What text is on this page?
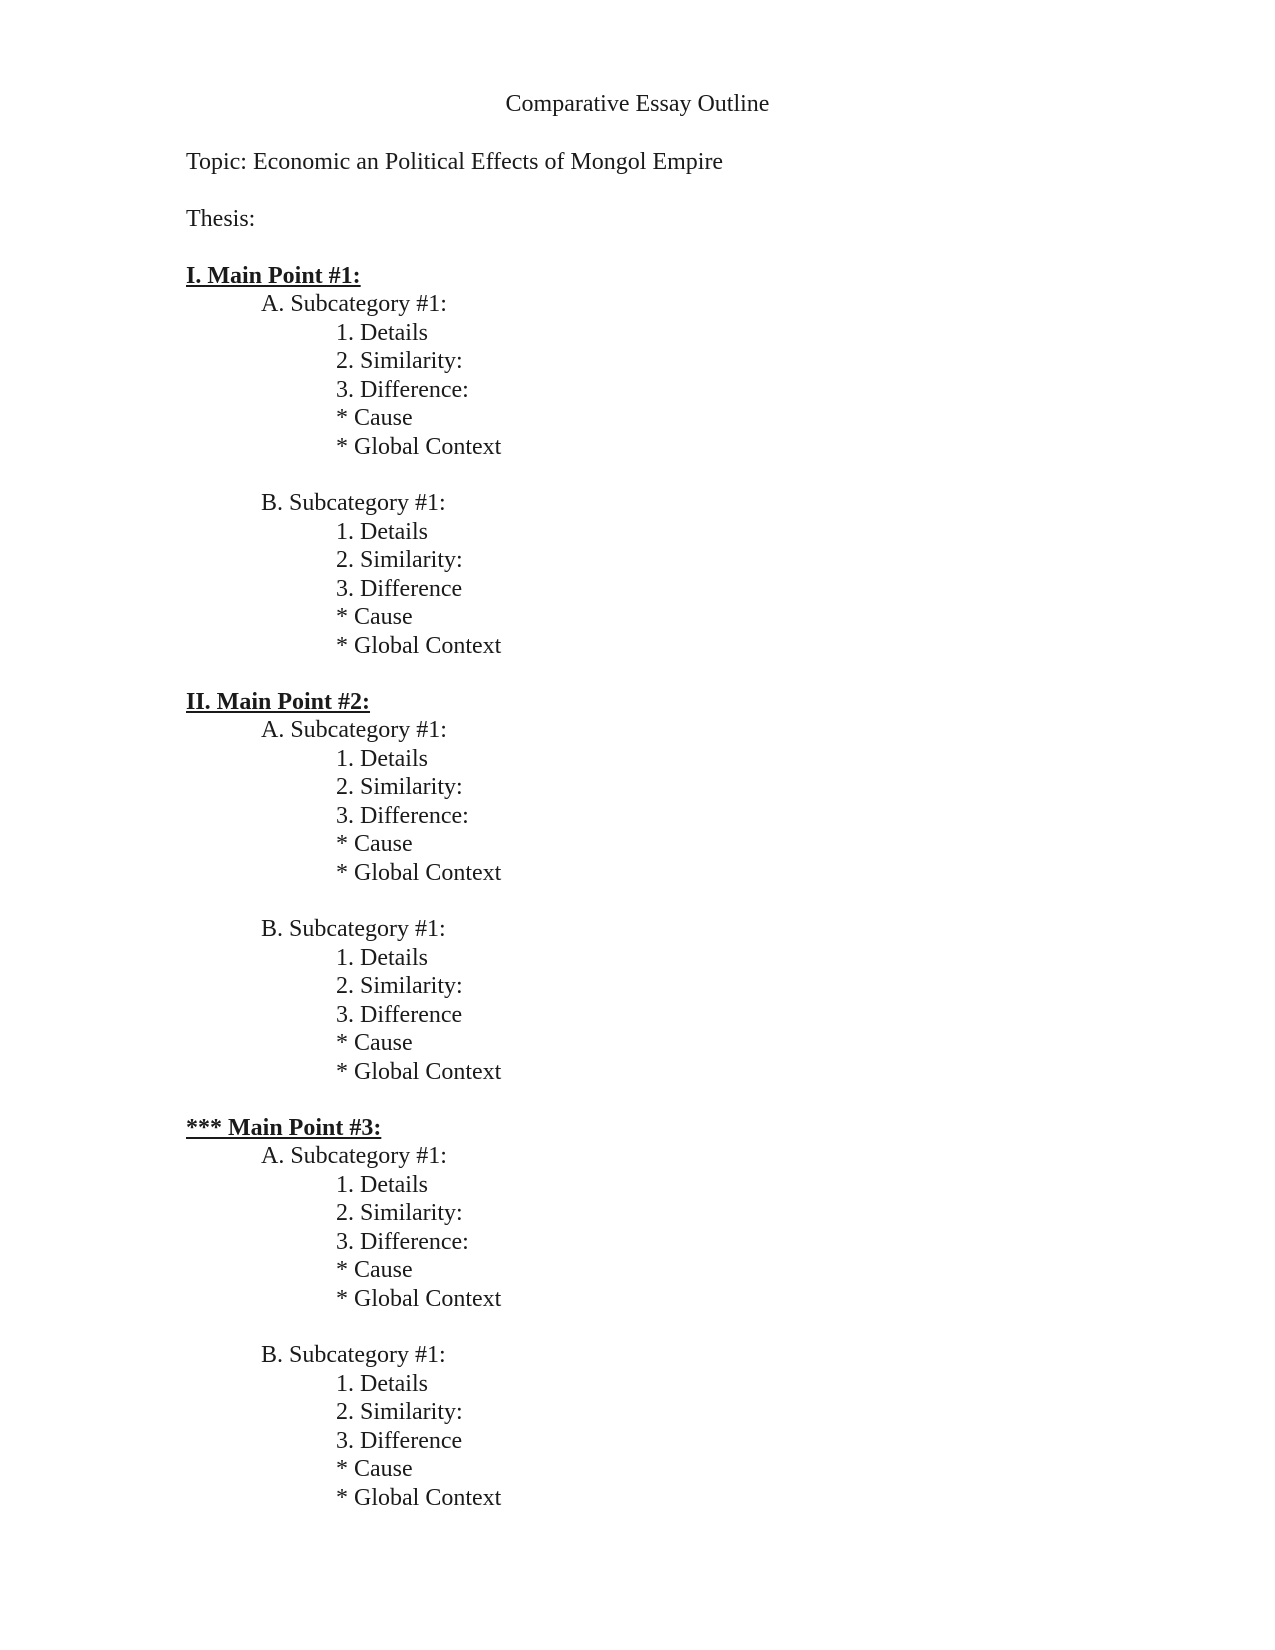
Comparative Essay Outline
Topic: Economic an Political Effects of Mongol Empire
Thesis:
I. Main Point #1:
A. Subcategory #1:
1. Details
2. Similarity:
3. Difference:
* Cause
* Global Context
B. Subcategory #1:
1. Details
2. Similarity:
3. Difference
* Cause
* Global Context
II. Main Point #2:
A. Subcategory #1:
1. Details
2. Similarity:
3. Difference:
* Cause
* Global Context
B. Subcategory #1:
1. Details
2. Similarity:
3. Difference
* Cause
* Global Context
*** Main Point #3:
A. Subcategory #1:
1. Details
2. Similarity:
3. Difference:
* Cause
* Global Context
B. Subcategory #1:
1. Details
2. Similarity:
3. Difference
* Cause
* Global Context
